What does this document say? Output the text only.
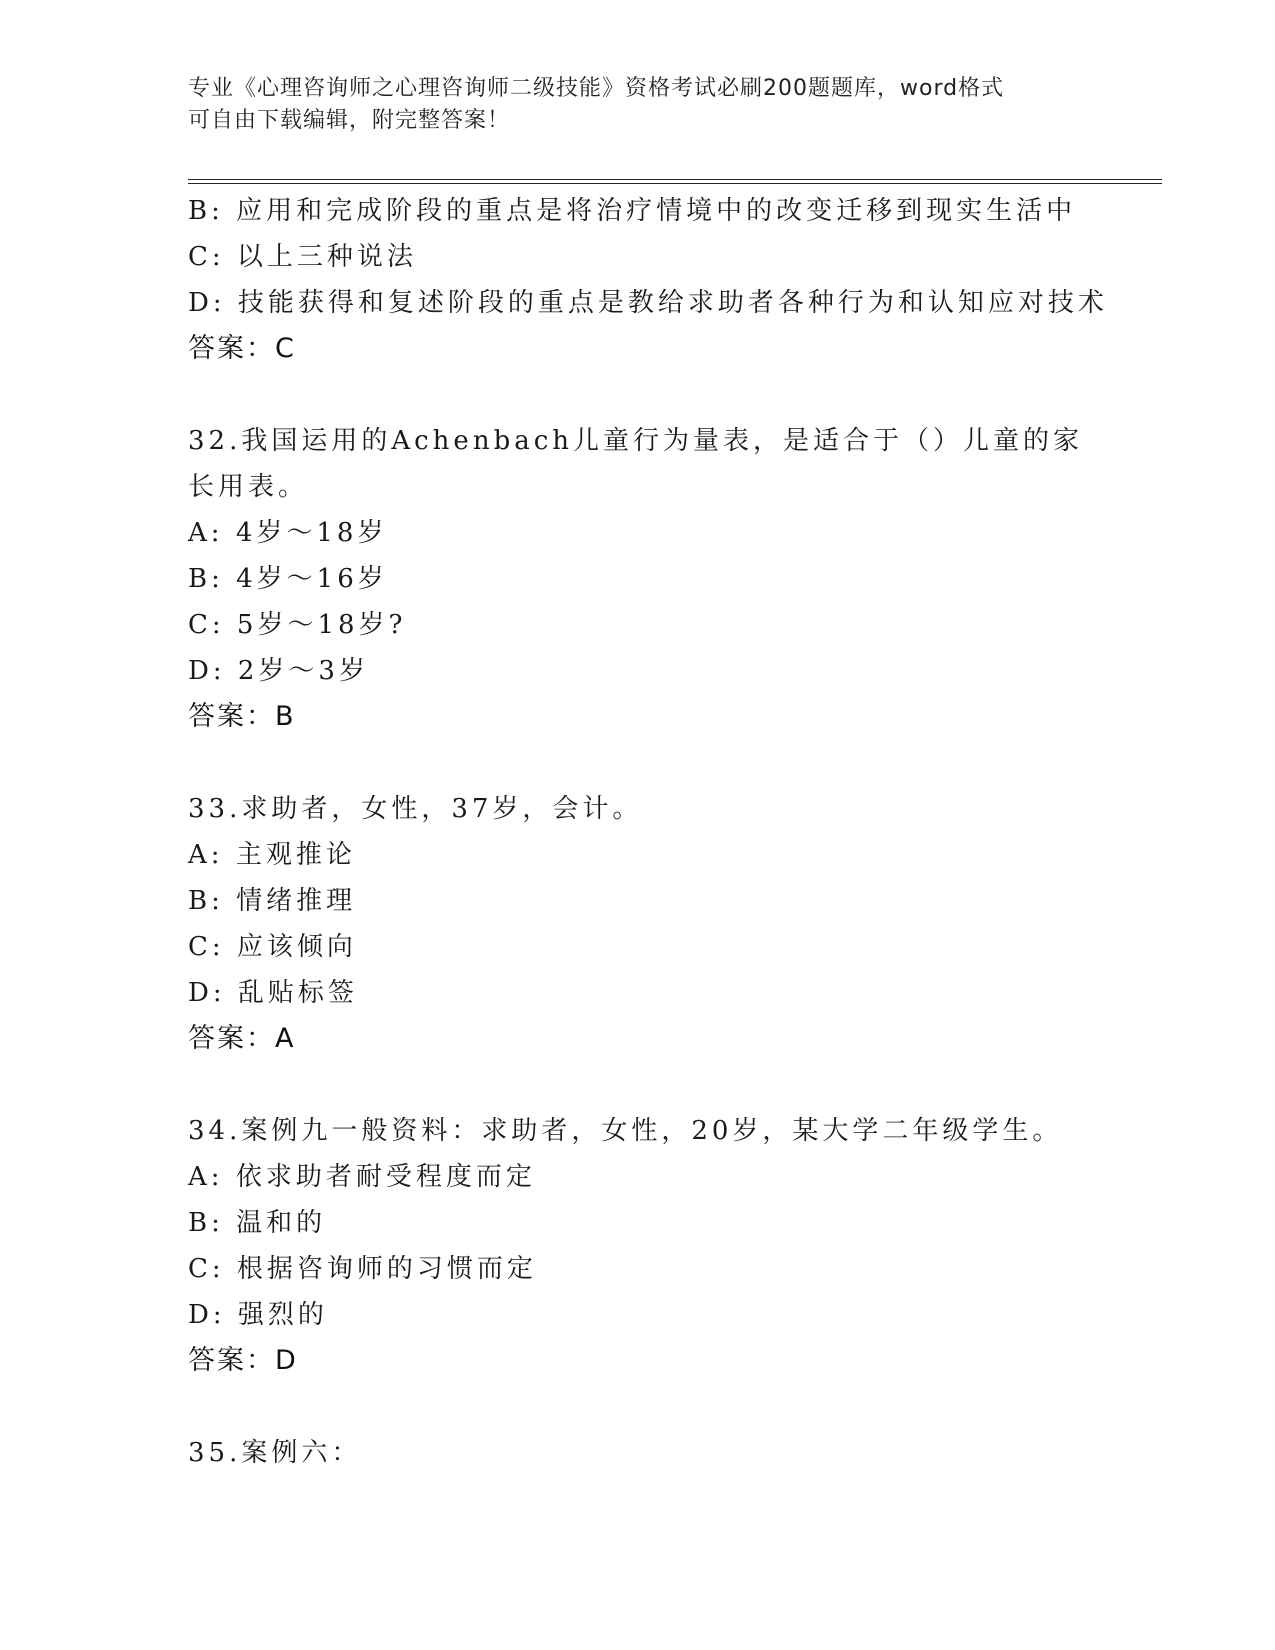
专业《心理咨询师之心理咨询师二级技能》资格考试必刷200题题库，word格式
可自由下载编辑，附完整答案！
B: 应用和完成阶段的重点是将治疗情境中的改变迁移到现实生活中
C: 以上三种说法
D: 技能获得和复述阶段的重点是教给求助者各种行为和认知应对技术
答案：C
32.我国运用的Achenbach儿童行为量表，是适合于（）儿童的家长用表。
A: 4岁～18岁
B: 4岁～16岁
C: 5岁～18岁?
D: 2岁～3岁
答案：B
33.求助者，女性，37岁，会计。
A: 主观推论
B: 情绪推理
C: 应该倾向
D: 乱贴标签
答案：A
34.案例九一般资料：求助者，女性，20岁，某大学二年级学生。
A: 依求助者耐受程度而定
B: 温和的
C: 根据咨询师的习惯而定
D: 强烈的
答案：D
35.案例六：
